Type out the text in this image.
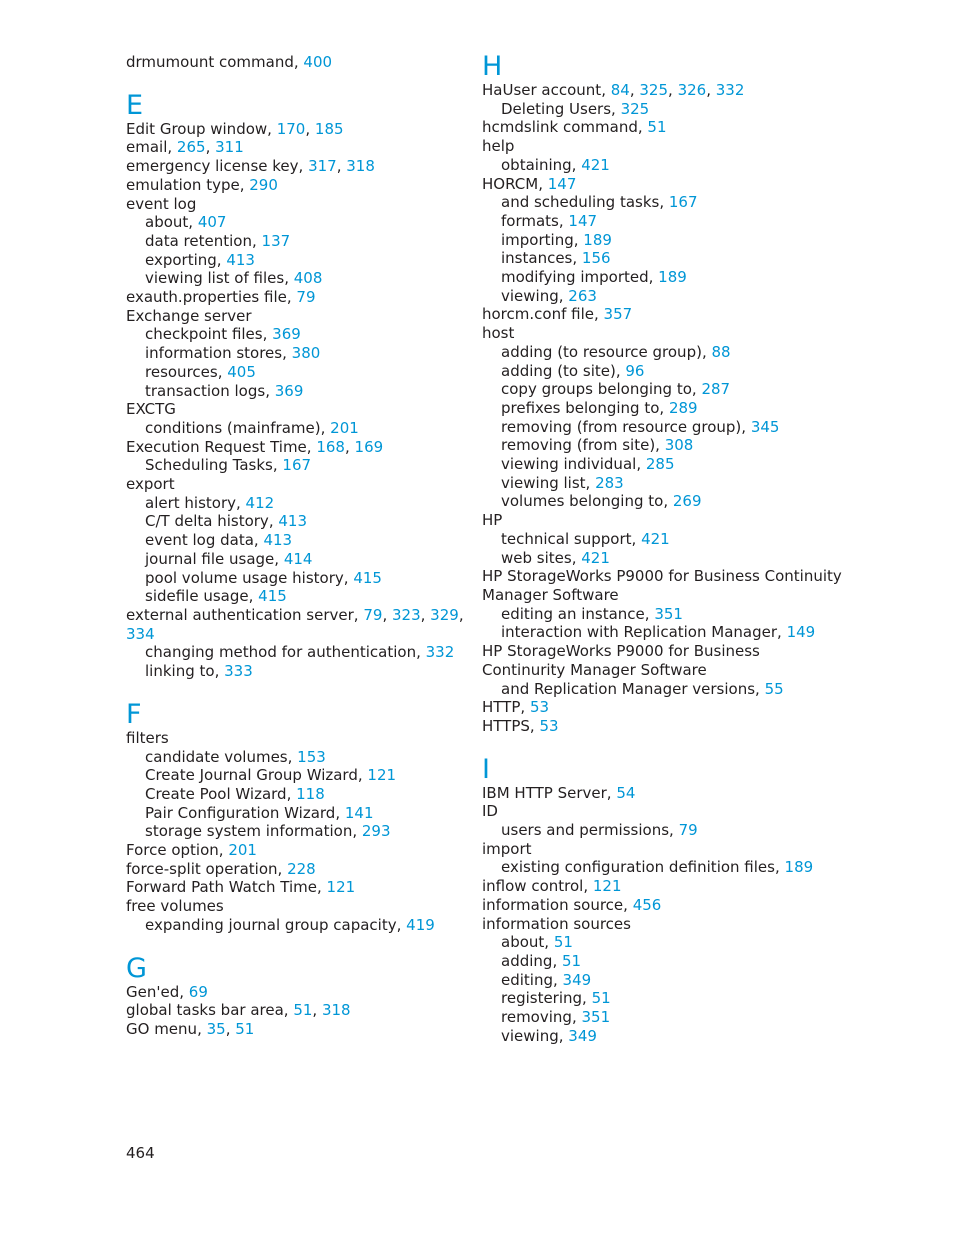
drmumount command, 400
E
Edit Group window, 170, 185
email, 265, 311
emergency license key, 317, 318
emulation type, 290
event log
about, 407
data retention, 137
exporting, 413
viewing list of files, 408
exauth.properties file, 79
Exchange server
checkpoint files, 369
information stores, 380
resources, 405
transaction logs, 369
EXCTG
conditions (mainframe), 201
Execution Request Time, 168, 169
Scheduling Tasks, 167
export
alert history, 412
C/T delta history, 413
event log data, 413
journal file usage, 414
pool volume usage history, 415
sidefile usage, 415
external authentication server, 79, 323, 329, 334
changing method for authentication, 332
linking to, 333
F
filters
candidate volumes, 153
Create Journal Group Wizard, 121
Create Pool Wizard, 118
Pair Configuration Wizard, 141
storage system information, 293
Force option, 201
force-split operation, 228
Forward Path Watch Time, 121
free volumes
expanding journal group capacity, 419
G
Gen'ed, 69
global tasks bar area, 51, 318
GO menu, 35, 51
H
HaUser account, 84, 325, 326, 332
Deleting Users, 325
hcmdslink command, 51
help
obtaining, 421
HORCM, 147
and scheduling tasks, 167
formats, 147
importing, 189
instances, 156
modifying imported, 189
viewing, 263
horcm.conf file, 357
host
adding (to resource group), 88
adding (to site), 96
copy groups belonging to, 287
prefixes belonging to, 289
removing (from resource group), 345
removing (from site), 308
viewing individual, 285
viewing list, 283
volumes belonging to, 269
HP
technical support, 421
web sites, 421
HP StorageWorks P9000 for Business Continuity
Manager Software
editing an instance, 351
interaction with Replication Manager, 149
HP StorageWorks P9000 for Business
Continurity Manager Software
and Replication Manager versions, 55
HTTP, 53
HTTPS, 53
I
IBM HTTP Server, 54
ID
users and permissions, 79
import
existing configuration definition files, 189
inflow control, 121
information source, 456
information sources
about, 51
adding, 51
editing, 349
registering, 51
removing, 351
viewing, 349
464
